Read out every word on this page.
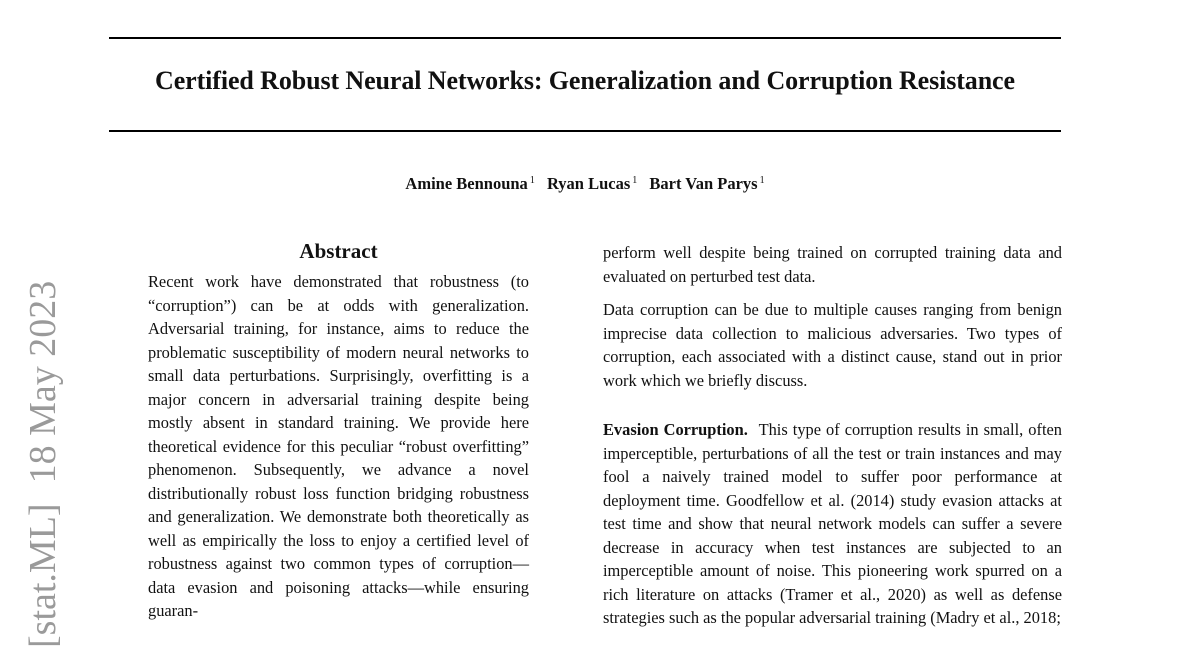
[stat.ML]18 May 2023
Certified Robust Neural Networks: Generalization and Corruption Resistance
Amine Bennouna $^1$ Ryan Lucas $^1$ Bart Van Parys $^1$
Abstract

Recent work have demonstrated that robustness (to “corruption”) can be at odds with generalization. Adversarial training, for instance, aims to reduce the problematic susceptibility of modern neural networks to small data perturbations. Surprisingly, overfitting is a major concern in adversarial training despite being mostly absent in standard training. We provide here theoretical evidence for this peculiar “robust overfitting” phenomenon. Subsequently, we advance a novel distributionally robust loss function bridging robustness and generalization. We demonstrate both theoretically as well as empirically the loss to enjoy a certified level of robustness against two common types of corruption—data evasion and poisoning attacks—while ensuring guaran-

perform well despite being trained on corrupted training data and evaluated on perturbed test data.

Data corruption can be due to multiple causes ranging from benign imprecise data collection to malicious adversaries. Two types of corruption, each associated with a distinct cause, stand out in prior work which we briefly discuss.

Evasion Corruption. This type of corruption results in small, often imperceptible, perturbations of all the test or train instances and may fool a naively trained model to suffer poor performance at deployment time. Goodfellow et al. (2014) study evasion attacks at test time and show that neural network models can suffer a severe decrease in accuracy when test instances are subjected to an imperceptible amount of noise. This pioneering work spurred on a rich literature on attacks (Tramer et al., 2020) as well as defense strategies such as the popular adversarial training (Madry et al., 2018;
